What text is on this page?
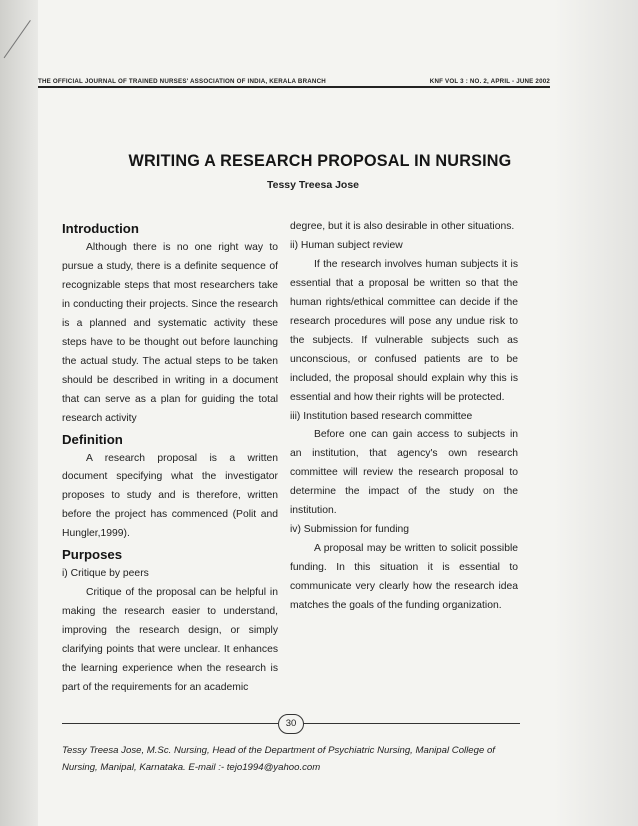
THE OFFICIAL JOURNAL OF TRAINED NURSES' ASSOCIATION OF INDIA, KERALA BRANCH	KNF VOL 3 : NO. 2, APRIL - JUNE 2002
WRITING A RESEARCH PROPOSAL IN NURSING
Tessy Treesa Jose
Introduction

Although there is no one right way to pursue a study, there is a definite sequence of recognizable steps that most researchers take in conducting their projects. Since the research is a planned and systematic activity these steps have to be thought out before launching the actual study. The actual steps to be taken should be described in writing in a document that can serve as a plan for guiding the total research activity

Definition

A research proposal is a written document specifying what the investigator proposes to study and is therefore, written before the project has commenced (Polit and Hungler,1999).

Purposes

i) Critique by peers

Critique of the proposal can be helpful in making the research easier to understand, improving the research design, or simply clarifying points that were unclear. It enhances the learning experience when the research is part of the requirements for an academic

degree, but it is also desirable in other situations.

ii) Human subject review

If the research involves human subjects it is essential that a proposal be written so that the human rights/ethical committee can decide if the research procedures will pose any undue risk to the subjects. If vulnerable subjects such as unconscious, or confused patients are to be included, the proposal should explain why this is essential and how their rights will be protected.

iii) Institution based research committee

Before one can gain access to subjects in an institution, that agency's own research committee will review the research proposal to determine the impact of the study on the institution.

iv) Submission for funding

A proposal may be written to solicit possible funding. In this situation it is essential to communicate very clearly how the research idea matches the goals of the funding organization.

30
Tessy Treesa Jose, M.Sc. Nursing, Head of the Department of Psychiatric Nursing, Manipal College of Nursing, Manipal, Karnataka. E-mail :- tejo1994@yahoo.com
